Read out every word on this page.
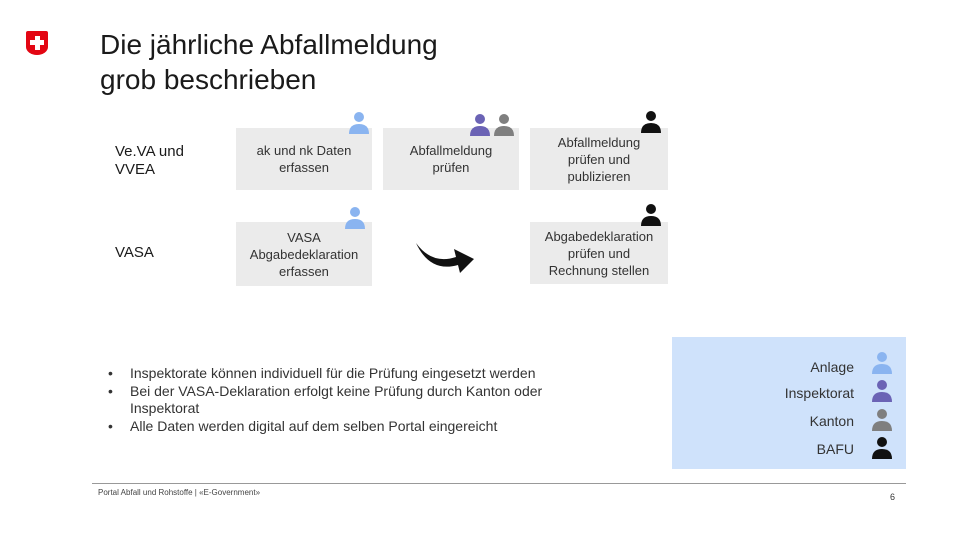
Die jährliche Abfallmeldung
grob beschrieben
Ve.VA und
VVEA
VASA
ak und nk Daten
erfassen
Abfallmeldung
prüfen
Abfallmeldung
prüfen und
publizieren
VASA
Abgabedeklaration
erfassen
Abgabedeklaration
prüfen und
Rechnung stellen
• Inspektorate können individuell für die Prüfung eingesetzt werden
• Bei der VASA-Deklaration erfolgt keine Prüfung durch Kanton oder Inspektorat
• Alle Daten werden digital auf dem selben Portal eingereicht
Anlage
Inspektorat
Kanton
BAFU
Portal Abfall und Rohstoffe | «E-Government»	6
